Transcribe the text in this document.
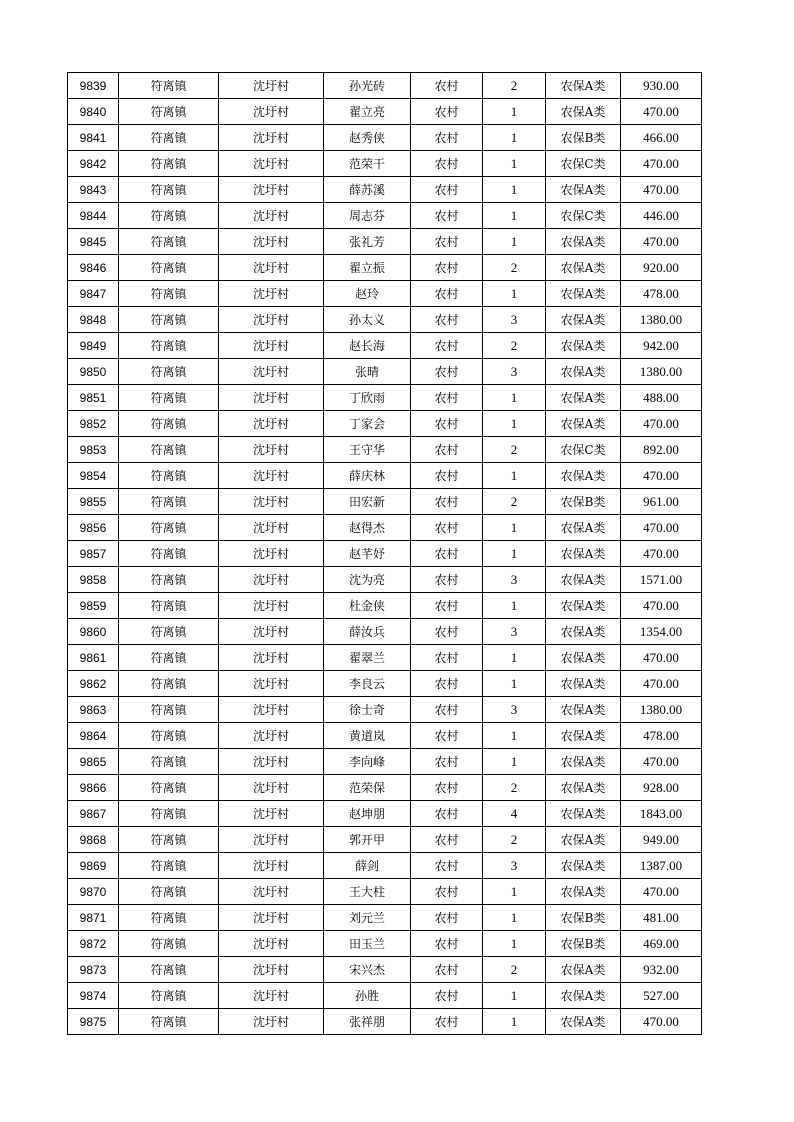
9839	符离镇	沈圩村	孙光砖	农村	2	农保A类	930.00
9840	符离镇	沈圩村	翟立亮	农村	1	农保A类	470.00
9841	符离镇	沈圩村	赵秀侠	农村	1	农保B类	466.00
9842	符离镇	沈圩村	范荣干	农村	1	农保C类	470.00
9843	符离镇	沈圩村	薛苏溪	农村	1	农保A类	470.00
9844	符离镇	沈圩村	周志芬	农村	1	农保C类	446.00
9845	符离镇	沈圩村	张礼芳	农村	1	农保A类	470.00
9846	符离镇	沈圩村	翟立振	农村	2	农保A类	920.00
9847	符离镇	沈圩村	赵玲	农村	1	农保A类	478.00
9848	符离镇	沈圩村	孙太义	农村	3	农保A类	1380.00
9849	符离镇	沈圩村	赵长海	农村	2	农保A类	942.00
9850	符离镇	沈圩村	张晴	农村	3	农保A类	1380.00
9851	符离镇	沈圩村	丁欣雨	农村	1	农保A类	488.00
9852	符离镇	沈圩村	丁家会	农村	1	农保A类	470.00
9853	符离镇	沈圩村	王守华	农村	2	农保C类	892.00
9854	符离镇	沈圩村	薛庆林	农村	1	农保A类	470.00
9855	符离镇	沈圩村	田宏新	农村	2	农保B类	961.00
9856	符离镇	沈圩村	赵得杰	农村	1	农保A类	470.00
9857	符离镇	沈圩村	赵芊妤	农村	1	农保A类	470.00
9858	符离镇	沈圩村	沈为亮	农村	3	农保A类	1571.00
9859	符离镇	沈圩村	杜金侠	农村	1	农保A类	470.00
9860	符离镇	沈圩村	薛汝兵	农村	3	农保A类	1354.00
9861	符离镇	沈圩村	翟翠兰	农村	1	农保A类	470.00
9862	符离镇	沈圩村	李良云	农村	1	农保A类	470.00
9863	符离镇	沈圩村	徐士奇	农村	3	农保A类	1380.00
9864	符离镇	沈圩村	黄道岚	农村	1	农保A类	478.00
9865	符离镇	沈圩村	李向峰	农村	1	农保A类	470.00
9866	符离镇	沈圩村	范荣保	农村	2	农保A类	928.00
9867	符离镇	沈圩村	赵坤朋	农村	4	农保A类	1843.00
9868	符离镇	沈圩村	郭开甲	农村	2	农保A类	949.00
9869	符离镇	沈圩村	薛剑	农村	3	农保A类	1387.00
9870	符离镇	沈圩村	王大柱	农村	1	农保A类	470.00
9871	符离镇	沈圩村	刘元兰	农村	1	农保B类	481.00
9872	符离镇	沈圩村	田玉兰	农村	1	农保B类	469.00
9873	符离镇	沈圩村	宋兴杰	农村	2	农保A类	932.00
9874	符离镇	沈圩村	孙胜	农村	1	农保A类	527.00
9875	符离镇	沈圩村	张祥朋	农村	1	农保A类	470.00
